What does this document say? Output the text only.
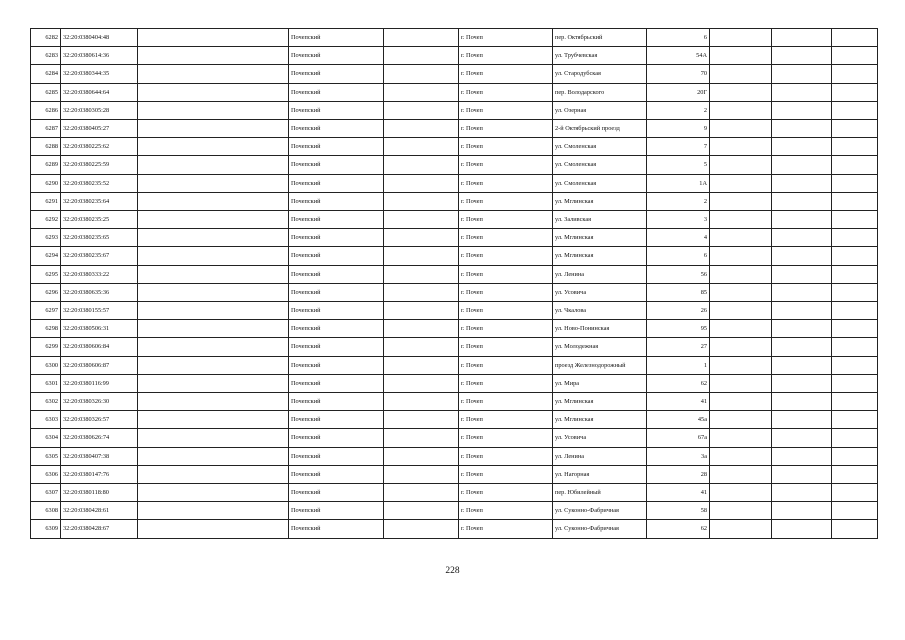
6282	32:20:0380404:48		Почепский		г. Почеп	пер. Октябрьский	6			
6283	32:20:0380614:36		Почепский		г. Почеп	ул. Трубчевская	54А			
6284	32:20:0380344:35		Почепский		г. Почеп	ул. Стародубская	70			
6285	32:20:0380644:64		Почепский		г. Почеп	пер. Володарского	20Г			
6286	32:20:0380305:28		Почепский		г. Почеп	ул. Озерная	2			
6287	32:20:0380405:27		Почепский		г. Почеп	2-й Октябрьский проезд	9			
6288	32:20:0380225:62		Почепский		г. Почеп	ул. Смоленская	7			
6289	32:20:0380225:59		Почепский		г. Почеп	ул. Смоленская	5			
6290	32:20:0380235:52		Почепский		г. Почеп	ул. Смоленская	1А			
6291	32:20:0380235:64		Почепский		г. Почеп	ул. Мглинская	2			
6292	32:20:0380235:25		Почепский		г. Почеп	ул. Заливская	3			
6293	32:20:0380235:65		Почепский		г. Почеп	ул. Мглинская	4			
6294	32:20:0380235:67		Почепский		г. Почеп	ул. Мглинская	6			
6295	32:20:0380333:22		Почепский		г. Почеп	ул. Ленина	56			
6296	32:20:0380635:36		Почепский		г. Почеп	ул. Усовича	85			
6297	32:20:0380155:57		Почепский		г. Почеп	ул. Чкалова	26			
6298	32:20:0380506:31		Почепский		г. Почеп	ул. Ново-Понинская	95			
6299	32:20:0380606:84		Почепский		г. Почеп	ул. Молодежная	27			
6300	32:20:0380606:87		Почепский		г. Почеп	проезд Железнодорожный	1			
6301	32:20:0380116:99		Почепский		г. Почеп	ул. Мира	62			
6302	32:20:0380326:30		Почепский		г. Почеп	ул. Мглинская	41			
6303	32:20:0380326:57		Почепский		г. Почеп	ул. Мглинская	45а			
6304	32:20:0380626:74		Почепский		г. Почеп	ул. Усовича	67а			
6305	32:20:0380407:38		Почепский		г. Почеп	ул. Ленина	3а			
6306	32:20:0380147:76		Почепский		г. Почеп	ул. Нагорная	28			
6307	32:20:0380118:80		Почепский		г. Почеп	пер. Юбилейный	41			
6308	32:20:0380428:61		Почепский		г. Почеп	ул. Суконно-Фабричная	58			
6309	32:20:0380428:67		Почепский		г. Почеп	ул. Суконно-Фабричная	62			
228
